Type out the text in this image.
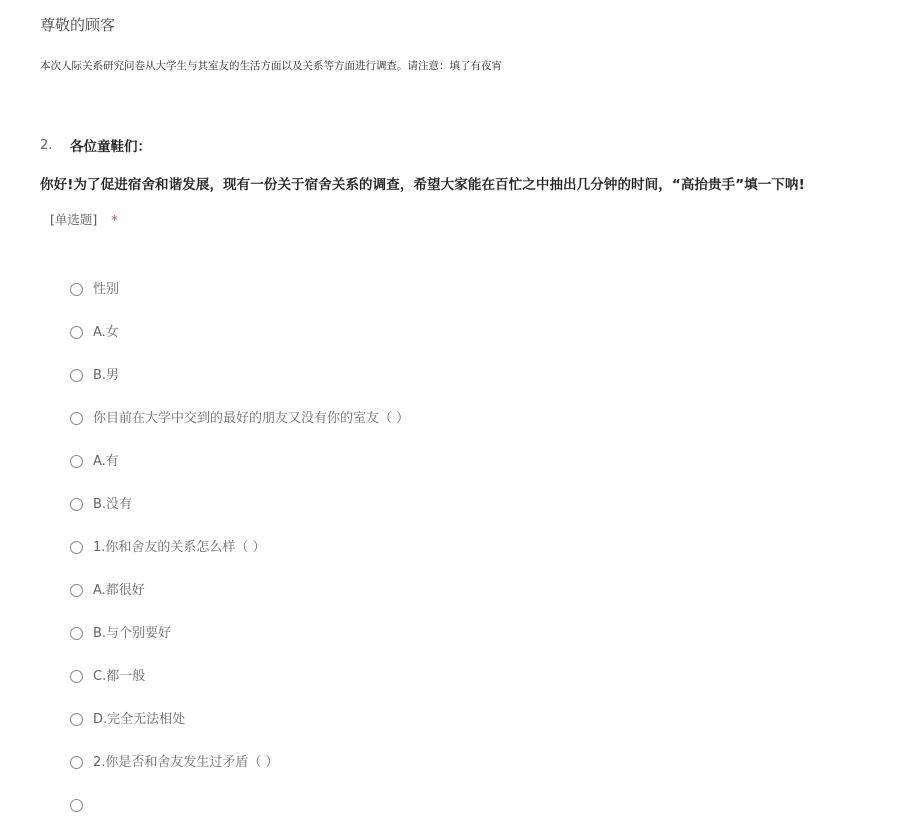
尊敬的顾客
本次人际关系研究问卷从大学生与其室友的生活方面以及关系等方面进行调查。请注意：填了有夜宵
2. 各位童鞋们：
你好!为了促进宿舍和谐发展，现有一份关于宿舍关系的调查，希望大家能在百忙之中抽出几分钟的时间，“高抬贵手”填一下呐!
[单选题] *
性别
A.女
B.男
你目前在大学中交到的最好的朋友又没有你的室友（ ）
A.有
B.没有
1.你和舍友的关系怎么样（ ）
A.都很好
B.与个别要好
C.都一般
D.完全无法相处
2.你是否和舍友发生过矛盾（ ）
